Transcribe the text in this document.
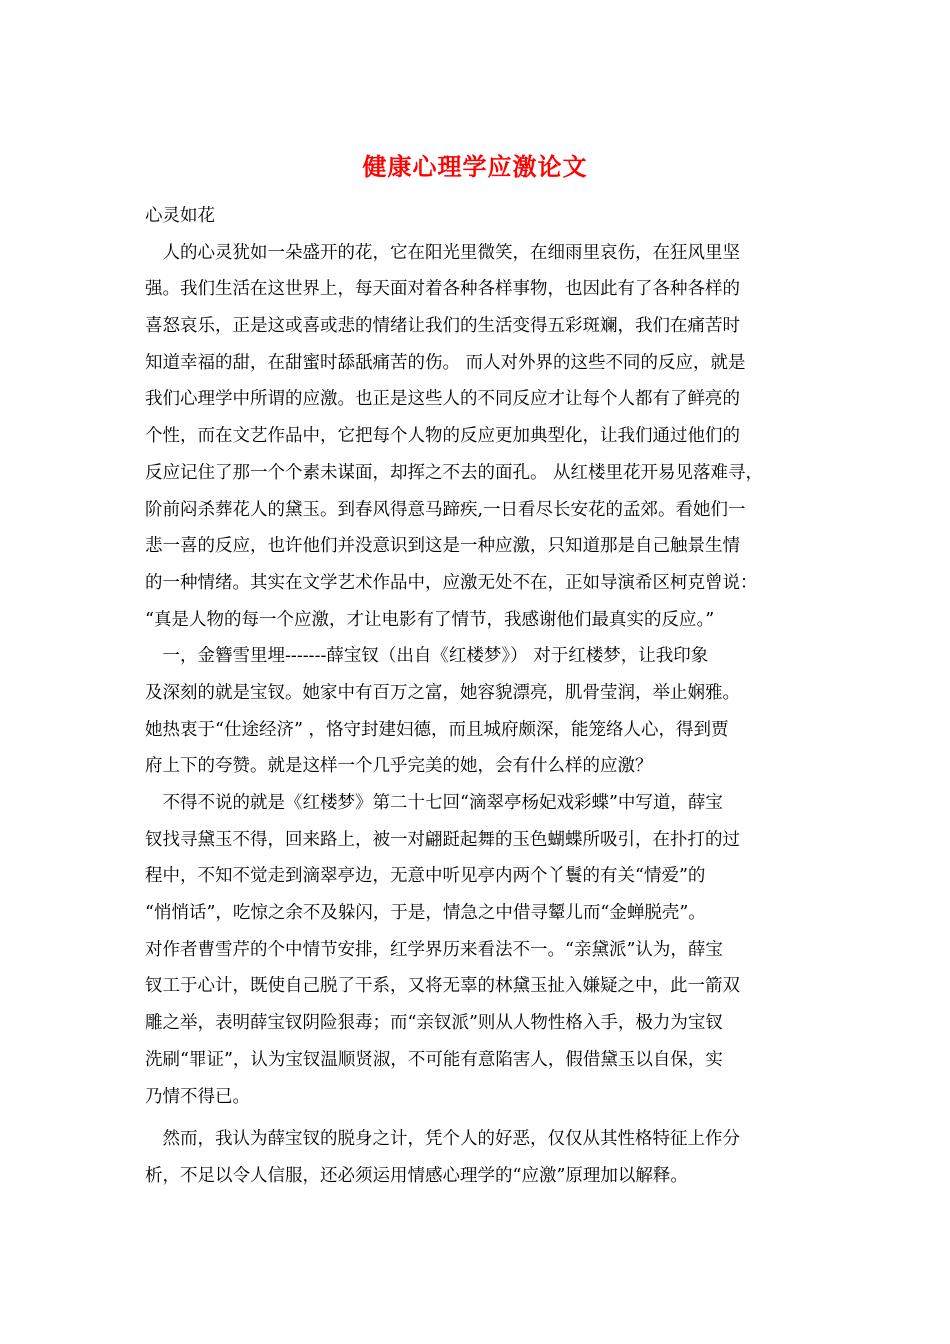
健康心理学应激论文
心灵如花
　人的心灵犹如一朵盛开的花，它在阳光里微笑，在细雨里哀伤，在狂风里坚
强。我们生活在这世界上，每天面对着各种各样事物，也因此有了各种各样的
喜怒哀乐，正是这或喜或悲的情绪让我们的生活变得五彩斑斓，我们在痛苦时
知道幸福的甜，在甜蜜时舔舐痛苦的伤。 而人对外界的这些不同的反应，就是
我们心理学中所谓的应激。也正是这些人的不同反应才让每个人都有了鲜亮的
个性，而在文艺作品中，它把每个人物的反应更加典型化，让我们通过他们的
反应记住了那一个个素未谋面，却挥之不去的面孔。 从红楼里花开易见落难寻，
阶前闷杀葬花人的黛玉。到春风得意马蹄疾,一日看尽长安花的孟郊。看她们一
悲一喜的反应，也许他们并没意识到这是一种应激，只知道那是自己触景生情
的一种情绪。其实在文学艺术作品中，应激无处不在，正如导演希区柯克曾说：
“真是人物的每一个应激，才让电影有了情节，我感谢他们最真实的反应。”
　一，金簪雪里埋-------薛宝钗（出自《红楼梦》） 对于红楼梦，让我印象
及深刻的就是宝钗。她家中有百万之富，她容貌漂亮，肌骨莹润，举止娴雅。
她热衷于“仕途经济” ，恪守封建妇德，而且城府颇深，能笼络人心，得到贾
府上下的夸赞。就是这样一个几乎完美的她，会有什么样的应激？
　不得不说的就是《红楼梦》第二十七回“滴翠亭杨妃戏彩蝶”中写道，薛宝
钗找寻黛玉不得，回来路上，被一对翩跹起舞的玉色蝴蝶所吸引，在扑打的过
程中，不知不觉走到滴翠亭边，无意中听见亭内两个丫鬟的有关“情爱”的
“悄悄话”，吃惊之余不及躲闪，于是，情急之中借寻颦儿而“金蝉脱壳”。
对作者曹雪芹的个中情节安排，红学界历来看法不一。“亲黛派”认为，薛宝
钗工于心计，既使自己脱了干系，又将无辜的林黛玉扯入嫌疑之中，此一箭双
雕之举，表明薛宝钗阴险狠毒；而“亲钗派”则从人物性格入手，极力为宝钗
洗刷“罪证”，认为宝钗温顺贤淑，不可能有意陷害人，假借黛玉以自保，实
乃情不得已。
　然而，我认为薛宝钗的脱身之计，凭个人的好恶，仅仅从其性格特征上作分
析，不足以令人信服，还必须运用情感心理学的“应激”原理加以解释。
